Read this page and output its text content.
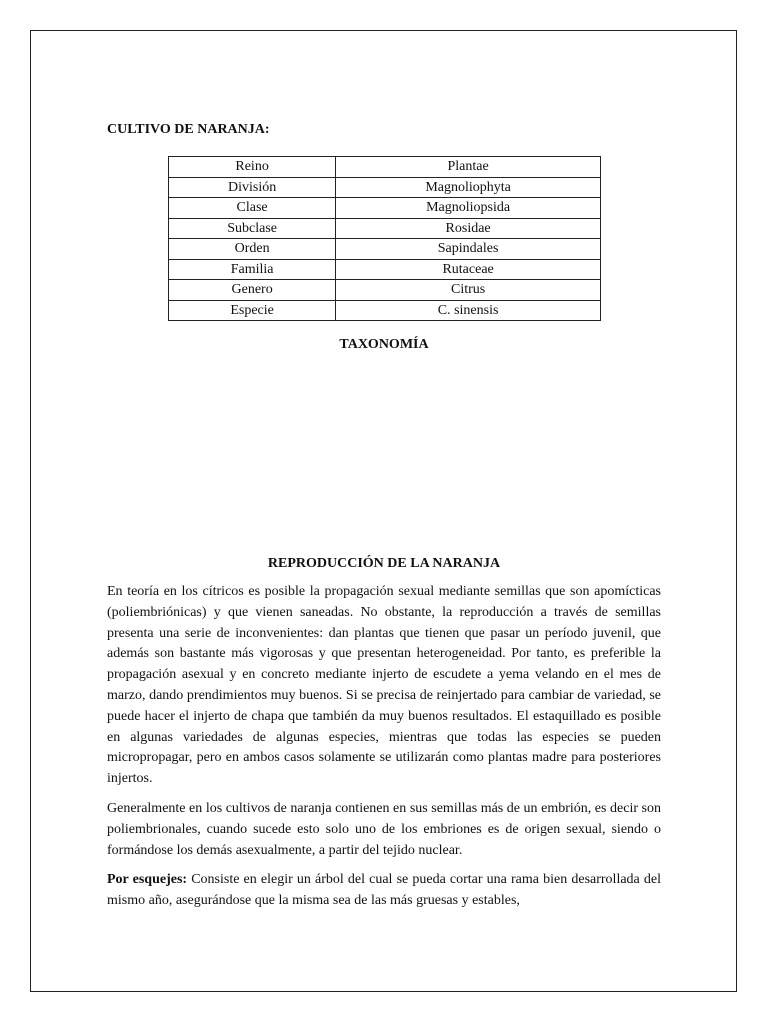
CULTIVO DE NARANJA:
Reino	Plantae
División	Magnoliophyta
Clase	Magnoliopsida
Subclase	Rosidae
Orden	Sapindales
Familia	Rutaceae
Genero	Citrus
Especie	C. sinensis
TAXONOMÍA
REPRODUCCIÓN DE LA NARANJA

En teoría en los cítricos es posible la propagación sexual mediante semillas que son apomícticas (poliembriónicas) y que vienen saneadas. No obstante, la reproducción a través de semillas presenta una serie de inconvenientes: dan plantas que tienen que pasar un período juvenil, que además son bastante más vigorosas y que presentan heterogeneidad. Por tanto, es preferible la propagación asexual y en concreto mediante injerto de escudete a yema velando en el mes de marzo, dando prendimientos muy buenos. Si se precisa de reinjertado para cambiar de variedad, se puede hacer el injerto de chapa que también da muy buenos resultados. El estaquillado es posible en algunas variedades de algunas especies, mientras que todas las especies se pueden micropropagar, pero en ambos casos solamente se utilizarán como plantas madre para posteriores injertos.

Generalmente en los cultivos de naranja contienen en sus semillas más de un embrión, es decir son poliembrionales, cuando sucede esto solo uno de los embriones es de origen sexual, siendo o formándose los demás asexualmente, a partir del tejido nuclear.

Por esquejes: Consiste en elegir un árbol del cual se pueda cortar una rama bien desarrollada del mismo año, asegurándose que la misma sea de las más gruesas y estables,
